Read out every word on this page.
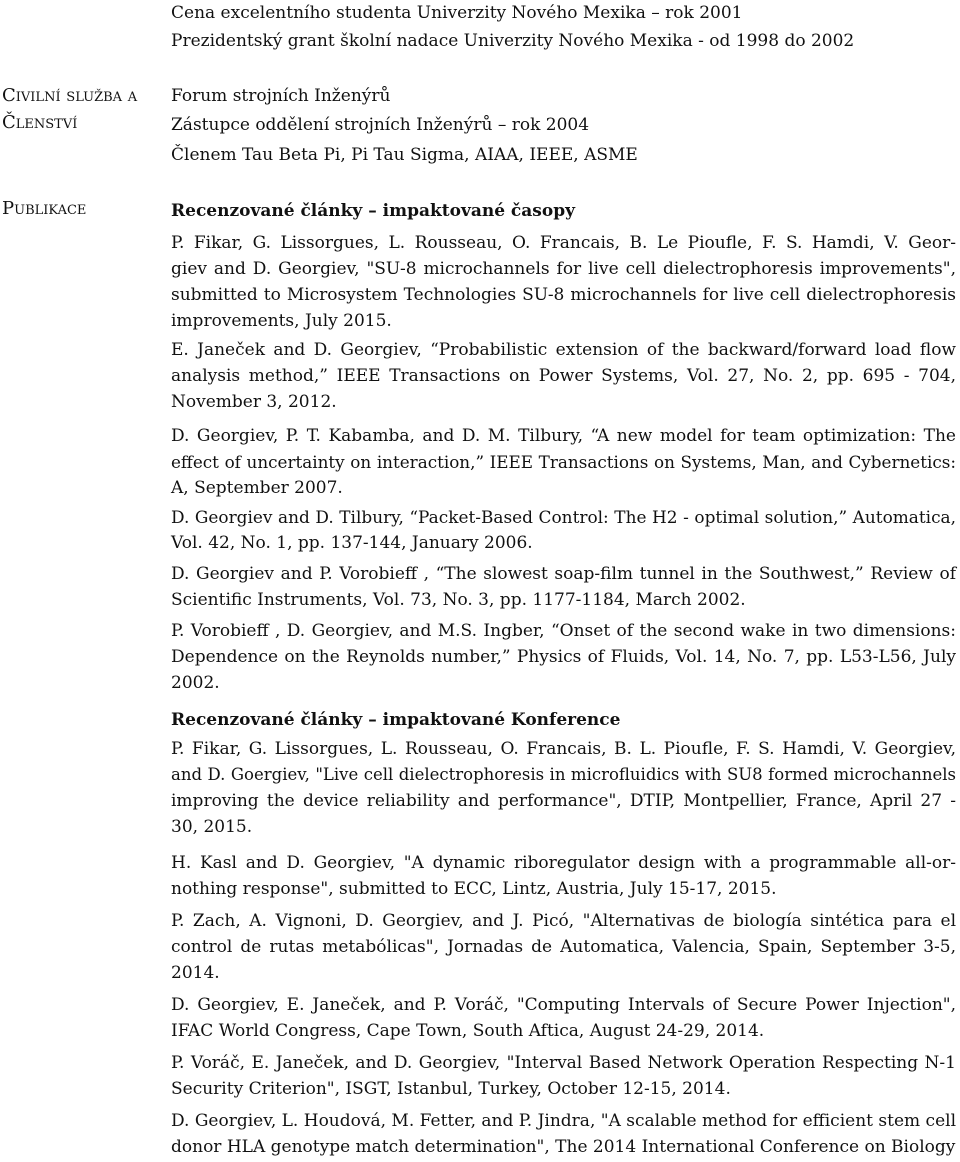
Cena excelentního studenta Univerzity Nového Mexika – rok 2001
Prezidentský grant školní nadace Univerzity Nového Mexika - od 1998 do 2002
Civilní služba a
Členství
Forum strojních Inženýrů
Zástupce oddělení strojních Inženýrů – rok 2004
Členem Tau Beta Pi, Pi Tau Sigma, AIAA, IEEE, ASME
Publikace	Recenzované články – impaktované časopy
P. Fikar, G. Lissorgues, L. Rousseau, O. Francais, B. Le Pioufle, F. S. Hamdi, V. Geor-
giev and D. Georgiev, "SU-8 microchannels for live cell dielectrophoresis improvements",
submitted to Microsystem Technologies SU-8 microchannels for live cell dielectrophoresis
improvements, July 2015.
E. Janeček and D. Georgiev, “Probabilistic extension of the backward/forward load flow
analysis method,” IEEE Transactions on Power Systems, Vol. 27, No. 2, pp. 695 - 704,
November 3, 2012.
D. Georgiev, P. T. Kabamba, and D. M. Tilbury, “A new model for team optimization: The
effect of uncertainty on interaction,” IEEE Transactions on Systems, Man, and Cybernetics:
A, September 2007.
D. Georgiev and D. Tilbury, “Packet-Based Control: The H2 - optimal solution,” Automatica,
Vol. 42, No. 1, pp. 137-144, January 2006.
D. Georgiev and P. Vorobieff , “The slowest soap-film tunnel in the Southwest,” Review of
Scientific Instruments, Vol. 73, No. 3, pp. 1177-1184, March 2002.
P. Vorobieff , D. Georgiev, and M.S. Ingber, “Onset of the second wake in two dimensions:
Dependence on the Reynolds number,” Physics of Fluids, Vol. 14, No. 7, pp. L53-L56, July
2002.
Recenzované články – impaktované Konference
P. Fikar, G. Lissorgues, L. Rousseau, O. Francais, B. L. Pioufle, F. S. Hamdi, V. Georgiev,
and D. Goergiev, "Live cell dielectrophoresis in microfluidics with SU8 formed microchannels
improving the device reliability and performance", DTIP, Montpellier, France, April 27 -
30, 2015.
H. Kasl and D. Georgiev, "A dynamic riboregulator design with a programmable all-or-
nothing response", submitted to ECC, Lintz, Austria, July 15-17, 2015.
P. Zach, A. Vignoni, D. Georgiev, and J. Picó, "Alternativas de biología sintética para el
control de rutas metabólicas", Jornadas de Automatica, Valencia, Spain, September 3-5,
2014.
D. Georgiev, E. Janeček, and P. Voráč, "Computing Intervals of Secure Power Injection",
IFAC World Congress, Cape Town, South Aftica, August 24-29, 2014.
P. Voráč, E. Janeček, and D. Georgiev, "Interval Based Network Operation Respecting N-1
Security Criterion", ISGT, Istanbul, Turkey, October 12-15, 2014.
D. Georgiev, L. Houdová, M. Fetter, and P. Jindra, "A scalable method for efficient stem cell
donor HLA genotype match determination", The 2014 International Conference on Biology
